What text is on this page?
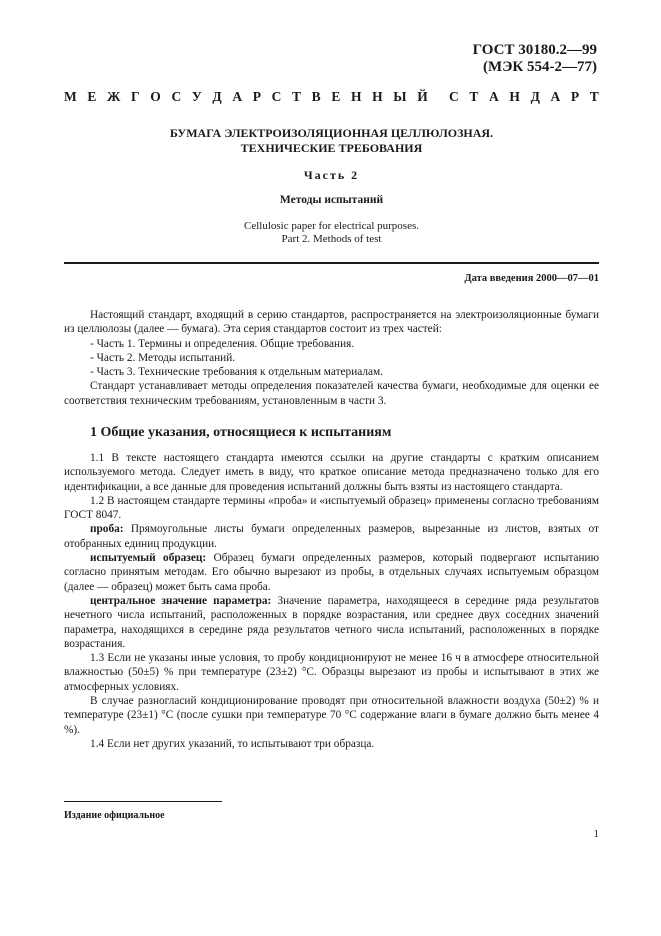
ГОСТ 30180.2—99
(МЭК 554-2—77)
М Е Ж Г О С У Д А Р С Т В Е Н Н Ы Й С Т А Н Д А Р Т
БУМАГА ЭЛЕКТРОИЗОЛЯЦИОННАЯ ЦЕЛЛЮЛОЗНАЯ.
ТЕХНИЧЕСКИЕ ТРЕБОВАНИЯ
Часть 2
Методы испытаний
Cellulosic paper for electrical purposes.
Part 2. Methods of test
Дата введения 2000—07—01

Настоящий стандарт, входящий в серию стандартов, распространяется на электроизоляционные бумаги из целлюлозы (далее — бумага). Эта серия стандартов состоит из трех частей:

- Часть 1. Термины и определения. Общие требования.

- Часть 2. Методы испытаний.

- Часть 3. Технические требования к отдельным материалам.

Стандарт устанавливает методы определения показателей качества бумаги, необходимые для оценки ее соответствия техническим требованиям, установленным в части 3.

1 Общие указания, относящиеся к испытаниям

1.1 В тексте настоящего стандарта имеются ссылки на другие стандарты с кратким описанием используемого метода. Следует иметь в виду, что краткое описание метода предназначено только для его идентификации, а все данные для проведения испытаний должны быть взяты из настоящего стандарта.

1.2 В настоящем стандарте термины «проба» и «испытуемый образец» применены согласно требованиям ГОСТ 8047.

проба: Прямоугольные листы бумаги определенных размеров, вырезанные из листов, взятых от отобранных единиц продукции.

испытуемый образец: Образец бумаги определенных размеров, который подвергают испытанию согласно принятым методам. Его обычно вырезают из пробы, в отдельных случаях испытуемым образцом (далее — образец) может быть сама проба.

центральное значение параметра: Значение параметра, находящееся в середине ряда результатов нечетного числа испытаний, расположенных в порядке возрастания, или среднее двух соседних значений параметра, находящихся в середине ряда результатов четного числа испытаний, расположенных в порядке возрастания.

1.3 Если не указаны иные условия, то пробу кондиционируют не менее 16 ч в атмосфере относительной влажностью (50±5) % при температуре (23±2) °С. Образцы вырезают из пробы и испытывают в этих же атмосферных условиях.

В случае разногласий кондиционирование проводят при относительной влажности воздуха (50±2) % и температуре (23±1) °С (после сушки при температуре 70 °С содержание влаги в бумаге должно быть менее 4 %).

1.4 Если нет других указаний, то испытывают три образца.

Издание официальное
1
